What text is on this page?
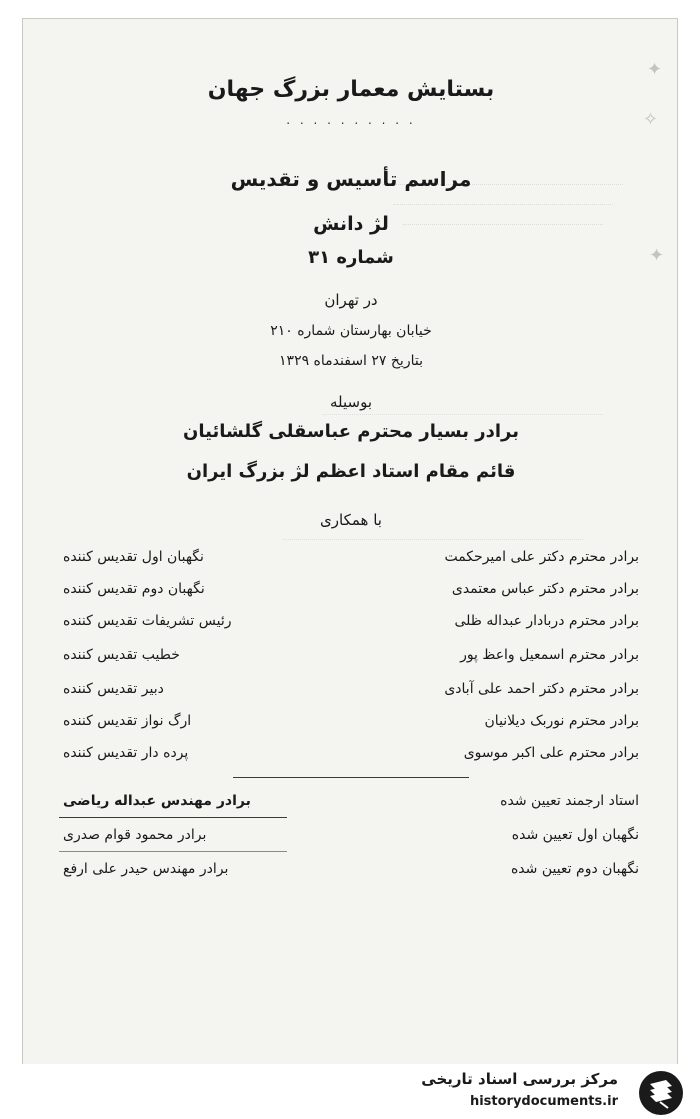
✦
✧
✦
بستایش معمار بزرگ جهان
. . . . . . . . . .
مراسم تأسیس و تقدیس
لژ دانش
شماره ۳۱
در تهران
خیابان بهارستان شماره ۲۱۰
بتاریخ ۲۷ اسفندماه ۱۳۲۹
بوسیله
برادر بسیار محترم عباسقلی گلشائیان
قائم مقام استاد اعظم لژ بزرگ ایران
با همکاری
برادر محترم دکتر علی امیرحکمت
نگهبان اول تقدیس کننده
برادر محترم دکتر عباس معتمدی
نگهبان دوم تقدیس کننده
برادر محترم دربادار عبداله ظلی
رئیس تشریفات تقدیس کننده
برادر محترم اسمعیل واعظ پور
خطیب تقدیس کننده
برادر محترم دکتر احمد علی آبادی
دبیر تقدیس کننده
برادر محترم نوربک دیلانیان
ارگ نواز تقدیس کننده
برادر محترم علی اکبر موسوی
پرده دار تقدیس کننده
استاد ارجمند تعیین شده
برادر مهندس عبداله ریاضی
نگهبان اول تعیین شده
برادر محمود قوام صدری
نگهبان دوم تعیین شده
برادر مهندس حیدر علی ارفع
مرکز بررسی اسناد تاریخی
historydocuments.ir
